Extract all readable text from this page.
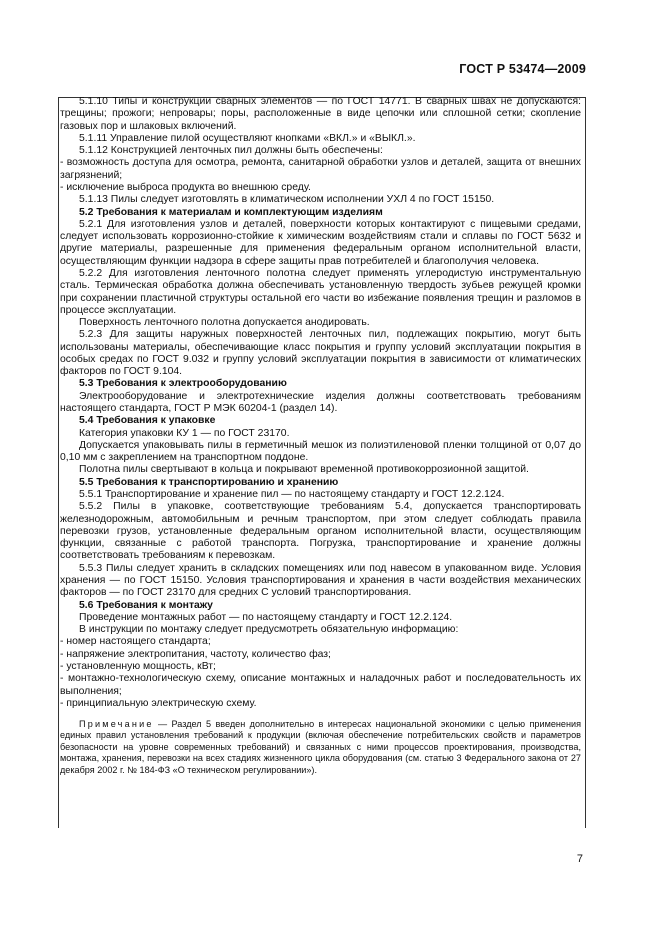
ГОСТ Р 53474—2009

5.1.10 Типы и конструкции сварных элементов — по ГОСТ 14771. В сварных швах не допускаются: трещины; прожоги; непровары; поры, расположенные в виде цепочки или сплошной сетки; скопление газовых пор и шлаковых включений.

5.1.11 Управление пилой осуществляют кнопками «ВКЛ.» и «ВЫКЛ.».

5.1.12 Конструкцией ленточных пил должны быть обеспечены:

- возможность доступа для осмотра, ремонта, санитарной обработки узлов и деталей, защита от внешних загрязнений;

- исключение выброса продукта во внешнюю среду.

5.1.13 Пилы следует изготовлять в климатическом исполнении УХЛ 4 по ГОСТ 15150.

5.2 Требования к материалам и комплектующим изделиям

5.2.1 Для изготовления узлов и деталей, поверхности которых контактируют с пищевыми средами, следует использовать коррозионно-стойкие к химическим воздействиям стали и сплавы по ГОСТ 5632 и другие материалы, разрешенные для применения федеральным органом исполнительной власти, осуществляющим функции надзора в сфере защиты прав потребителей и благополучия человека.

5.2.2 Для изготовления ленточного полотна следует применять углеродистую инструментальную сталь. Термическая обработка должна обеспечивать установленную твердость зубьев режущей кромки при сохранении пластичной структуры остальной его части во избежание появления трещин и разломов в процессе эксплуатации.

Поверхность ленточного полотна допускается анодировать.

5.2.3 Для защиты наружных поверхностей ленточных пил, подлежащих покрытию, могут быть использованы материалы, обеспечивающие класс покрытия и группу условий эксплуатации покрытия в особых средах по ГОСТ 9.032 и группу условий эксплуатации покрытия в зависимости от климатических факторов по ГОСТ 9.104.

5.3 Требования к электрооборудованию

Электрооборудование и электротехнические изделия должны соответствовать требованиям настоящего стандарта, ГОСТ Р МЭК 60204-1 (раздел 14).

5.4 Требования к упаковке

Категория упаковки КУ 1 — по ГОСТ 23170.

Допускается упаковывать пилы в герметичный мешок из полиэтиленовой пленки толщиной от 0,07 до 0,10 мм с закреплением на транспортном поддоне.

Полотна пилы свертывают в кольца и покрывают временной противокоррозионной защитой.

5.5 Требования к транспортированию и хранению

5.5.1 Транспортирование и хранение пил — по настоящему стандарту и ГОСТ 12.2.124.

5.5.2 Пилы в упаковке, соответствующие требованиям 5.4, допускается транспортировать железнодорожным, автомобильным и речным транспортом, при этом следует соблюдать правила перевозки грузов, установленные федеральным органом исполнительной власти, осуществляющим функции, связанные с работой транспорта. Погрузка, транспортирование и хранение должны соответствовать требованиям к перевозкам.

5.5.3 Пилы следует хранить в складских помещениях или под навесом в упакованном виде. Условия хранения — по ГОСТ 15150. Условия транспортирования и хранения в части воздействия механических факторов — по ГОСТ 23170 для средних С условий транспортирования.

5.6 Требования к монтажу

Проведение монтажных работ — по настоящему стандарту и ГОСТ 12.2.124.

В инструкции по монтажу следует предусмотреть обязательную информацию:

- номер настоящего стандарта;

- напряжение электропитания, частоту, количество фаз;

- установленную мощность, кВт;

- монтажно-технологическую схему, описание монтажных и наладочных работ и последовательность их выполнения;

- принципиальную электрическую схему.

Примечание — Раздел 5 введен дополнительно в интересах национальной экономики с целью применения единых правил установления требований к продукции (включая обеспечение потребительских свойств и параметров безопасности на уровне современных требований) и связанных с ними процессов проектирования, производства, монтажа, хранения, перевозки на всех стадиях жизненного цикла оборудования (см. статью 3 Федерального закона от 27 декабря 2002 г. № 184-ФЗ «О техническом регулировании»).

7
